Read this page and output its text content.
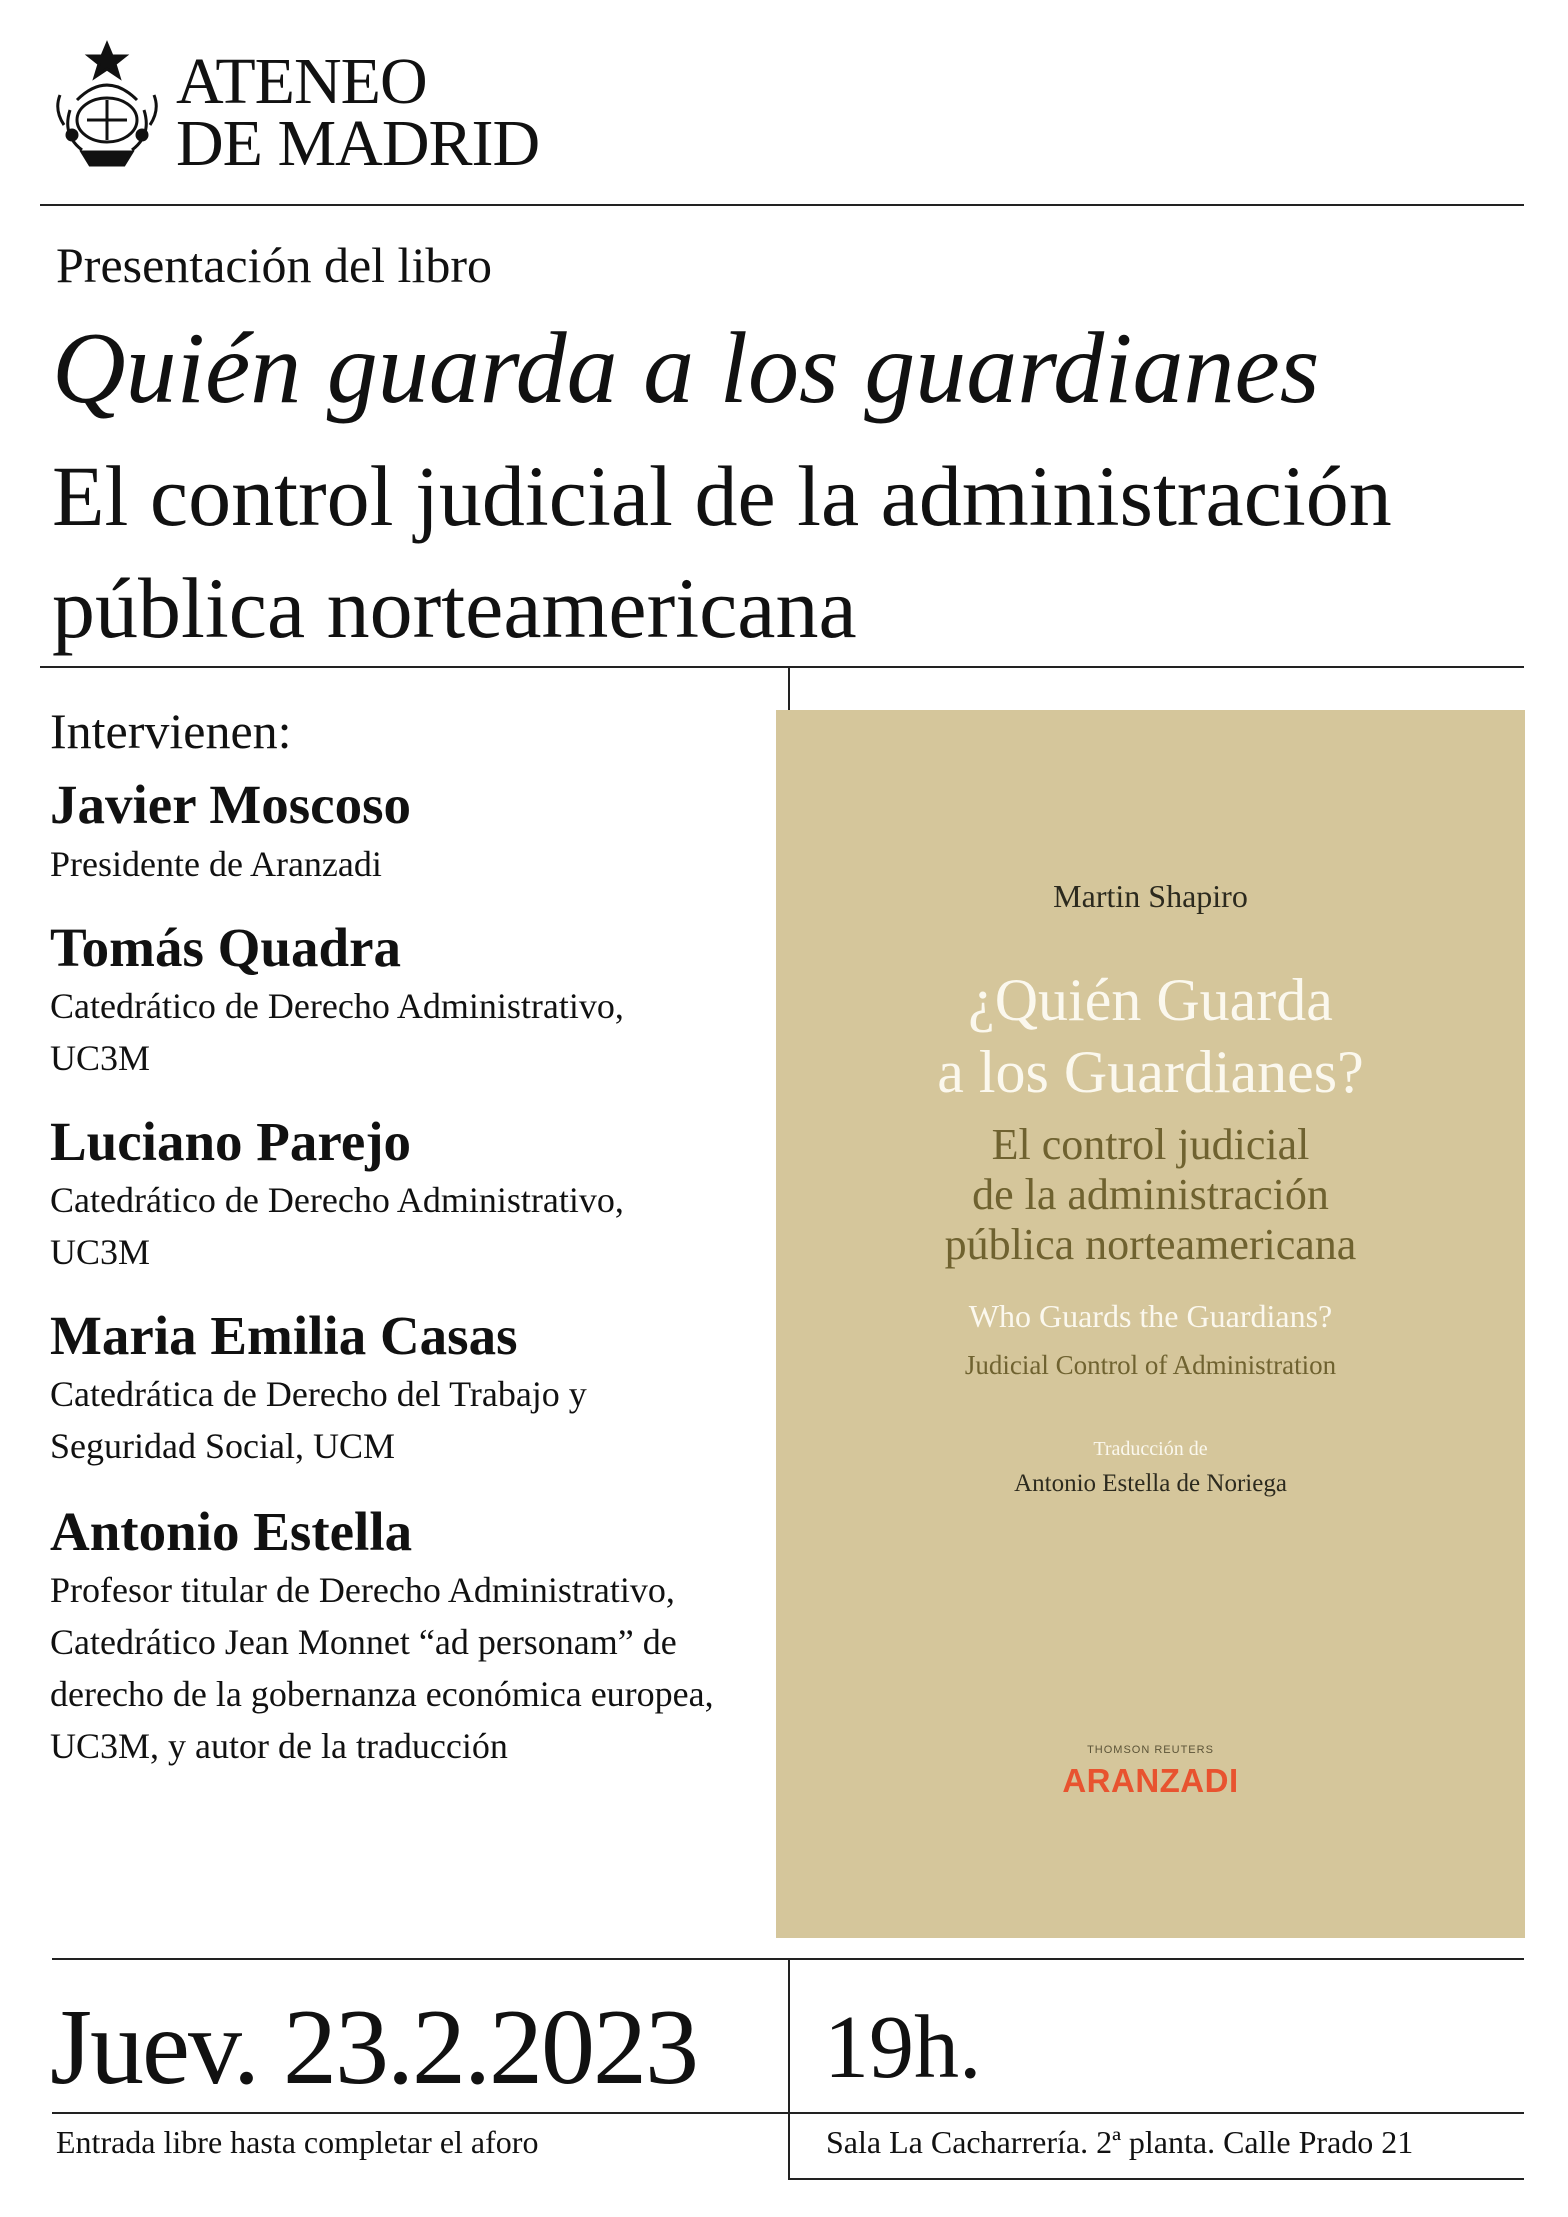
ATENEO
DE MADRID
Presentación del libro
Quién guarda a los guardianes
El control judicial de la administración pública norteamericana
Intervienen:
Javier Moscoso
Presidente de Aranzadi
Tomás Quadra
Catedrático de Derecho Administrativo, UC3M
Luciano Parejo
Catedrático de Derecho Administrativo, UC3M
Maria Emilia Casas
Catedrática de Derecho del Trabajo y Seguridad Social, UCM
Antonio Estella
Profesor titular de Derecho Administrativo, Catedrático Jean Monnet “ad personam” de derecho de la gobernanza económica europea, UC3M, y autor de la traducción
Martin Shapiro
¿Quién Guarda
a los Guardianes?
El control judicial
de la administración
pública norteamericana
Who Guards the Guardians?
Judicial Control of Administration
Traducción de
Antonio Estella de Noriega
THOMSON REUTERS
ARANZADI
Juev. 23.2.2023 19h.
Entrada libre hasta completar el aforo	Sala La Cacharrería. 2ª planta. Calle Prado 21
